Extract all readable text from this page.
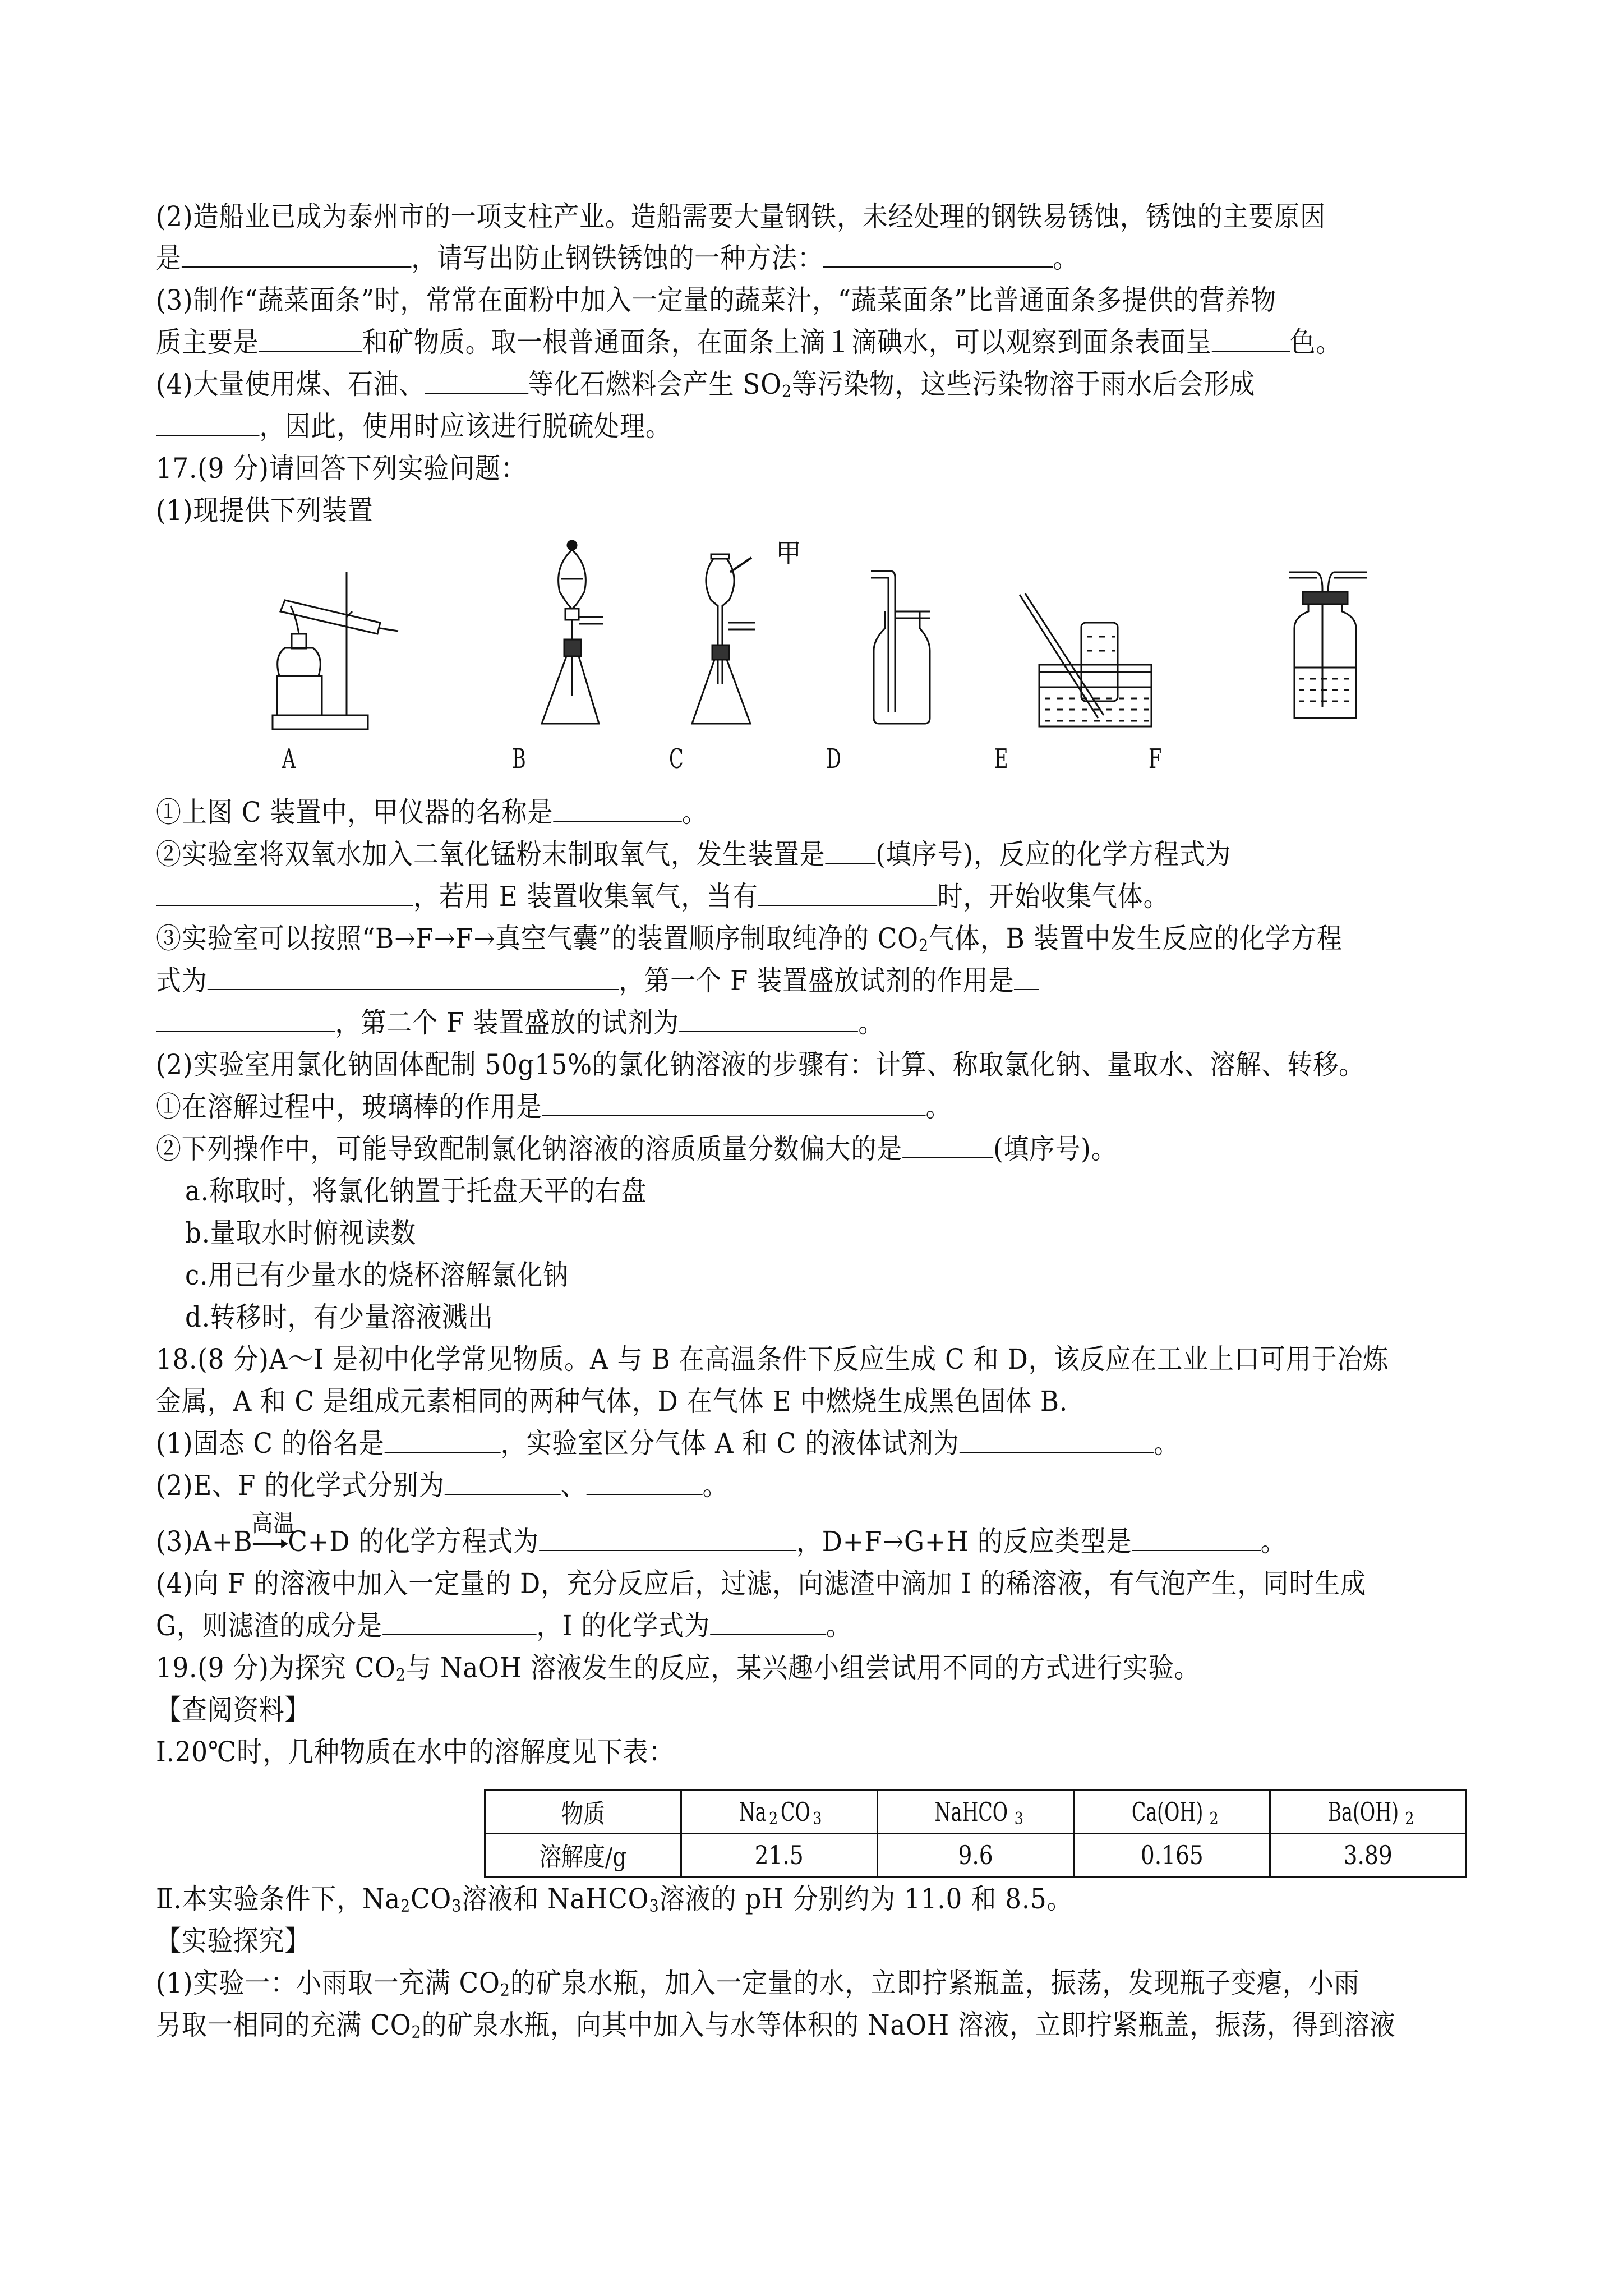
(2)造船业已成为泰州市的一项支柱产业。造船需要大量钢铁，未经处理的钢铁易锈蚀，锈蚀的主要原因
是	，请写出防止钢铁锈蚀的一种方法：	。
(3)制作“蔬菜面条”时，常常在面粉中加入一定量的蔬菜汁，“蔬菜面条”比普通面条多提供的营养物
质主要是	和矿物质。取一根普通面条，在面条上滴１滴碘水，可以观察到面条表面呈	色。
(4)大量使用煤、石油、	等化石燃料会产生 $SO_2$等污染物，这些污染物溶于雨水后会形成
，因此，使用时应该进行脱硫处理。
17.(9 分)请回答下列实验问题：
(1)现提供下列装置
甲
A	B	C	D	E	F
①上图 C 装置中，甲仪器的名称是	。
②实验室将双氧水加入二氧化锰粉末制取氧气，发生装置是 (填序号)，反应的化学方程式为
，若用 E 装置收集氧气，当有	时，开始收集气体。
③实验室可以按照“B→F→F→真空气囊”的装置顺序制取纯净的 $CO_2$气体，B 装置中发生反应的化学方程
式为	，第一个 F 装置盛放试剂的作用是
，第二个 F 装置盛放的试剂为	。
(2)实验室用氯化钠固体配制 50g15%的氯化钠溶液的步骤有：计算、称取氯化钠、量取水、溶解、转移。
①在溶解过程中，玻璃棒的作用是	。
②下列操作中，可能导致配制氯化钠溶液的溶质质量分数偏大的是	(填序号)。
a.称取时，将氯化钠置于托盘天平的右盘
b.量取水时俯视读数
c.用已有少量水的烧杯溶解氯化钠
d.转移时，有少量溶液溅出
18.(8 分)A～I 是初中化学常见物质。A 与 B 在高温条件下反应生成 C 和 D，该反应在工业上口可用于冶炼
金属，A 和 C 是组成元素相同的两种气体，D 在气体 E 中燃烧生成黑色固体 B.
(1)固态 C 的俗名是	，实验室区分气体 A 和 C 的液体试剂为	。
(2)E、F 的化学式分别为	、	。
(3)A+B
高温
C+D 的化学方程式为	，D+F→G+H 的反应类型是	。
(4)向 F 的溶液中加入一定量的 D，充分反应后，过滤，向滤渣中滴加 I 的稀溶液，有气泡产生，同时生成
G，则滤渣的成分是	，I 的化学式为	。
19.(9 分)为探究 $CO_2$与 NaOH 溶液发生的反应，某兴趣小组尝试用不同的方式进行实验。
【查阅资料】
Ⅰ.20℃时，几种物质在水中的溶解度见下表：
物质	Na $_2$ CO $_3$	NaHCO $_3$	Ca(OH) $_2$	Ba(OH) $_2$
溶解度/g	21.5	9.6	0.165	3.89
Ⅱ.本实验条件下，$Na_2CO_3$溶液和 NaHCO$_3$溶液的 pH 分别约为 11.0 和 8.5。
【实验探究】
(1)实验一：小雨取一充满 $CO_2$的矿泉水瓶，加入一定量的水，立即拧紧瓶盖，振荡，发现瓶子变瘪，小雨
另取一相同的充满 $CO_2$的矿泉水瓶，向其中加入与水等体积的 NaOH 溶液，立即拧紧瓶盖，振荡，得到溶液
